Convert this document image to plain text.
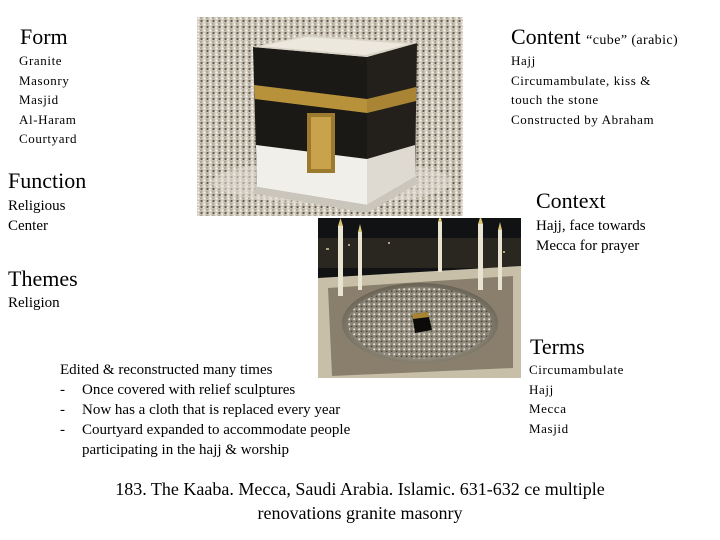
Form
Granite
Masonry
Masjid
Al-Haram
Courtyard
Content “cube” (arabic)
Hajj
Circumambulate, kiss &
touch the stone
Constructed by Abraham
Function
Religious
Center
Context
Hajj, face towards
Mecca for prayer
Themes
Religion
Terms
Circumambulate
Hajj
Mecca
Masjid
Edited & reconstructed many times
-	Once covered with relief sculptures
-	Now has a cloth that is replaced every year
-	Courtyard expanded to accommodate people
participating in the hajj & worship
183. The Kaaba. Mecca, Saudi Arabia. Islamic. 631-632 ce multiple
renovations granite masonry
